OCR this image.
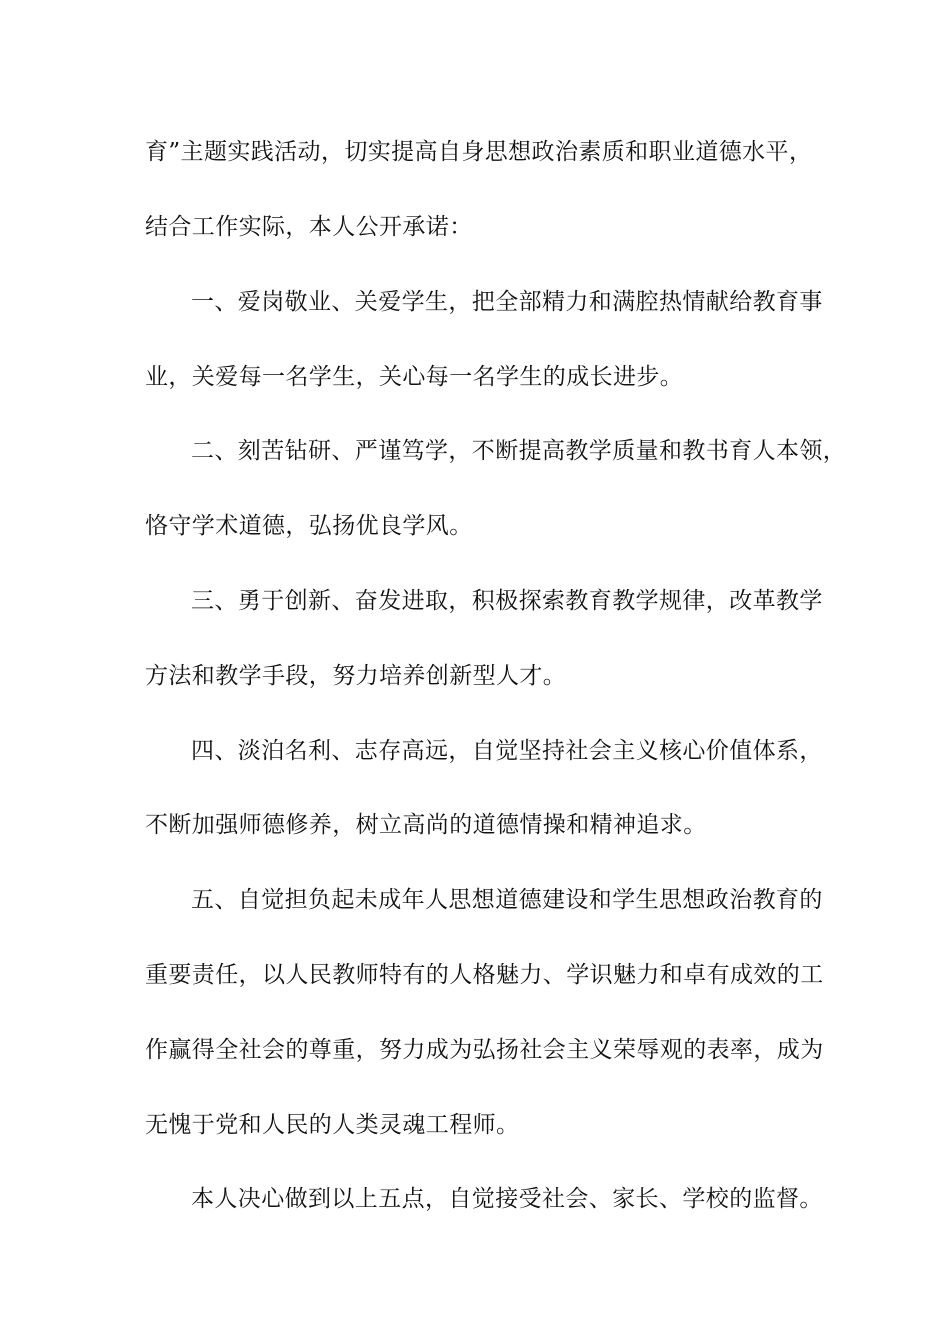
育”主题实践活动，切实提高自身思想政治素质和职业道德水平，
结合工作实际，本人公开承诺：
一、爱岗敬业、关爱学生，把全部精力和满腔热情献给教育事
业，关爱每一名学生，关心每一名学生的成长进步。
二、刻苦钻研、严谨笃学，不断提高教学质量和教书育人本领，
恪守学术道德，弘扬优良学风。
三、勇于创新、奋发进取，积极探索教育教学规律，改革教学
方法和教学手段，努力培养创新型人才。
四、淡泊名利、志存高远，自觉坚持社会主义核心价值体系，
不断加强师德修养，树立高尚的道德情操和精神追求。
五、自觉担负起未成年人思想道德建设和学生思想政治教育的
重要责任，以人民教师特有的人格魅力、学识魅力和卓有成效的工
作赢得全社会的尊重，努力成为弘扬社会主义荣辱观的表率，成为
无愧于党和人民的人类灵魂工程师。
本人决心做到以上五点，自觉接受社会、家长、学校的监督。
